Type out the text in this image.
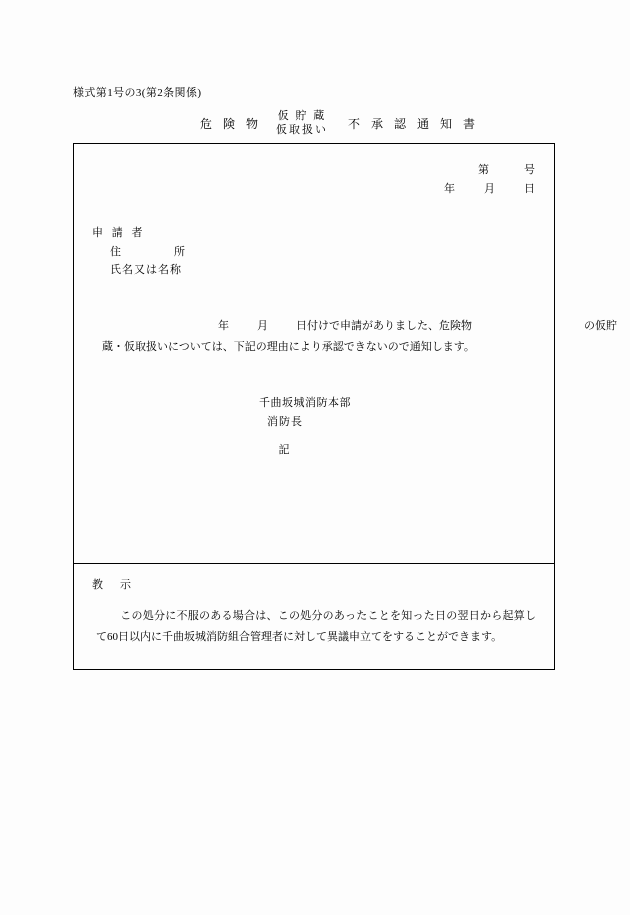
様式第1号の3(第2条関係)
危 険 物
仮 貯 蔵
仮取扱い 不 承 認 通 知 書
第	号
年	月	日
申 請 者
住	所
氏名又は名称
年	月	日付けで申請がありました、危険物	の仮貯
蔵・仮取扱いについては、下記の理由により承認できないので通知します。
千曲坂城消防本部
消防長
記
教　示
この処分に不服のある場合は、この処分のあったことを知った日の翌日から起算して60日以内に千曲坂城消防組合管理者に対して異議申立てをすることができます。
